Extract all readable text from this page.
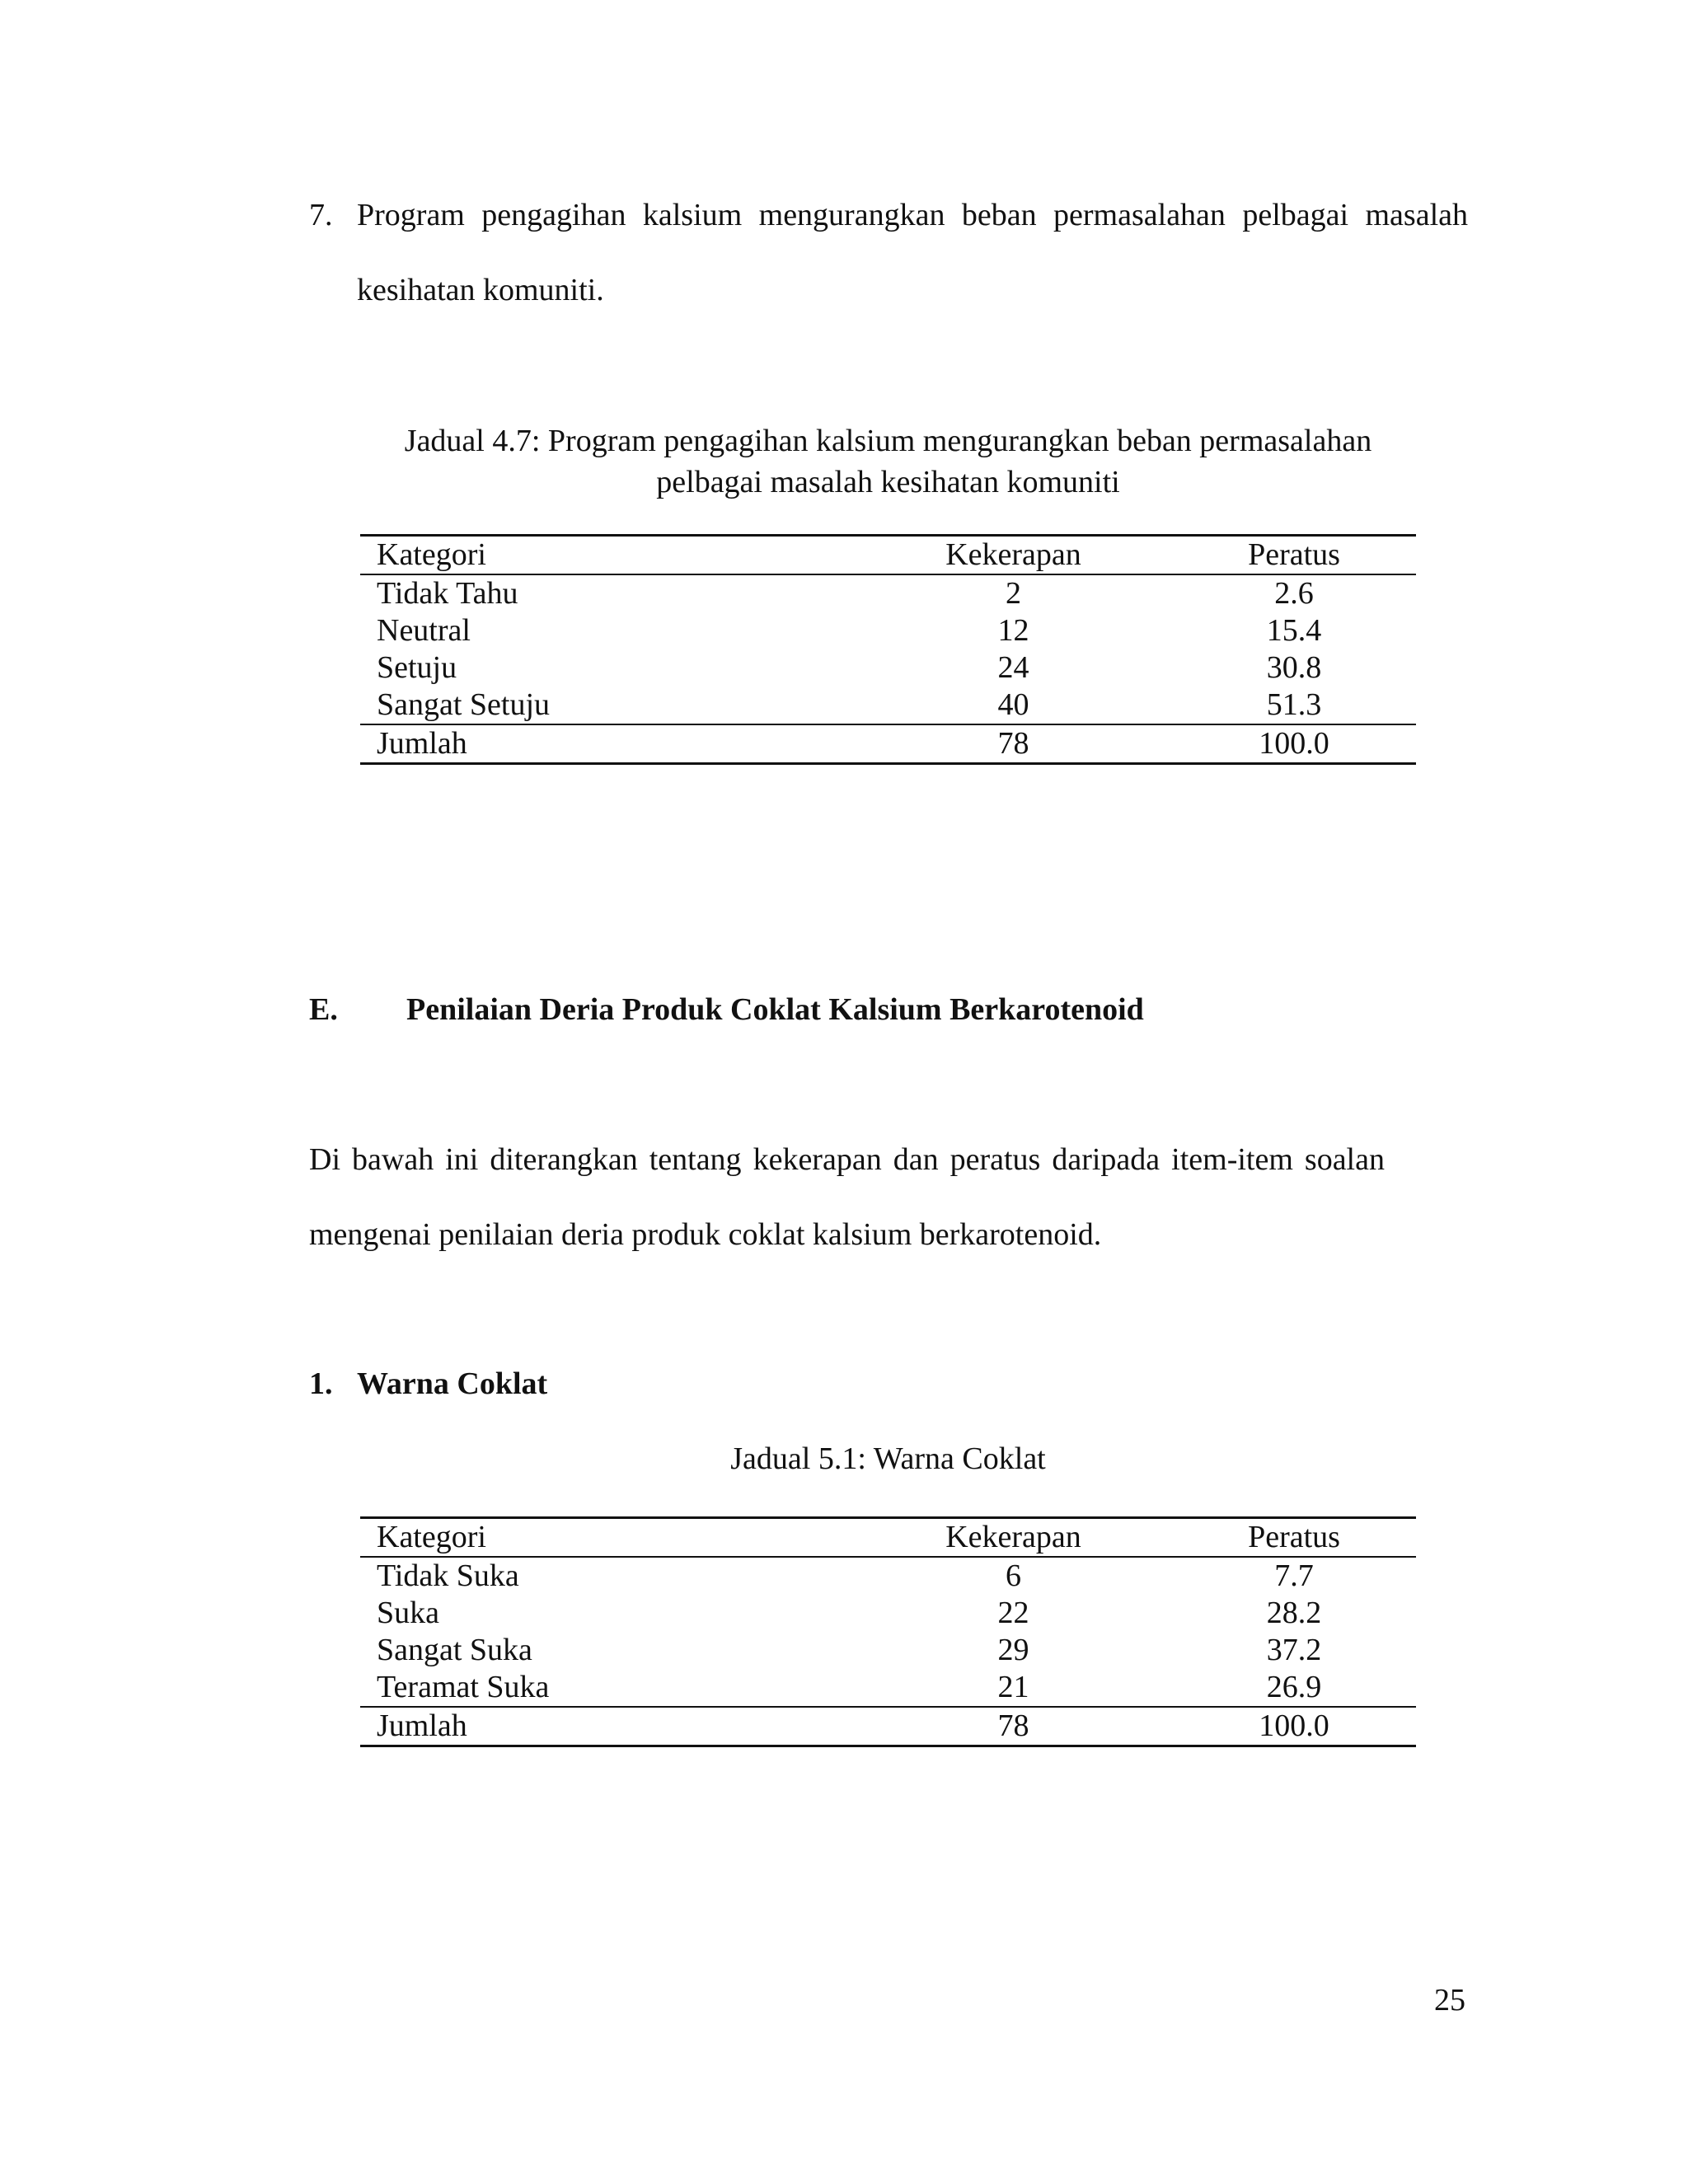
7. Program pengagihan kalsium mengurangkan beban permasalahan pelbagai masalah
kesihatan komuniti.
Jadual 4.7: Program pengagihan kalsium mengurangkan beban permasalahan
pelbagai masalah kesihatan komuniti
Kategori	Kekerapan	Peratus
Tidak Tahu	2	2.6
Neutral	12	15.4
Setuju	24	30.8
Sangat Setuju	40	51.3
Jumlah	78	100.0
E. Penilaian Deria Produk Coklat Kalsium Berkarotenoid
Di bawah ini diterangkan tentang kekerapan dan peratus daripada item-item soalan
mengenai penilaian deria produk coklat kalsium berkarotenoid.
1. Warna Coklat
Jadual 5.1: Warna Coklat
Kategori	Kekerapan	Peratus
Tidak Suka	6	7.7
Suka	22	28.2
Sangat Suka	29	37.2
Teramat Suka	21	26.9
Jumlah	78	100.0
25
